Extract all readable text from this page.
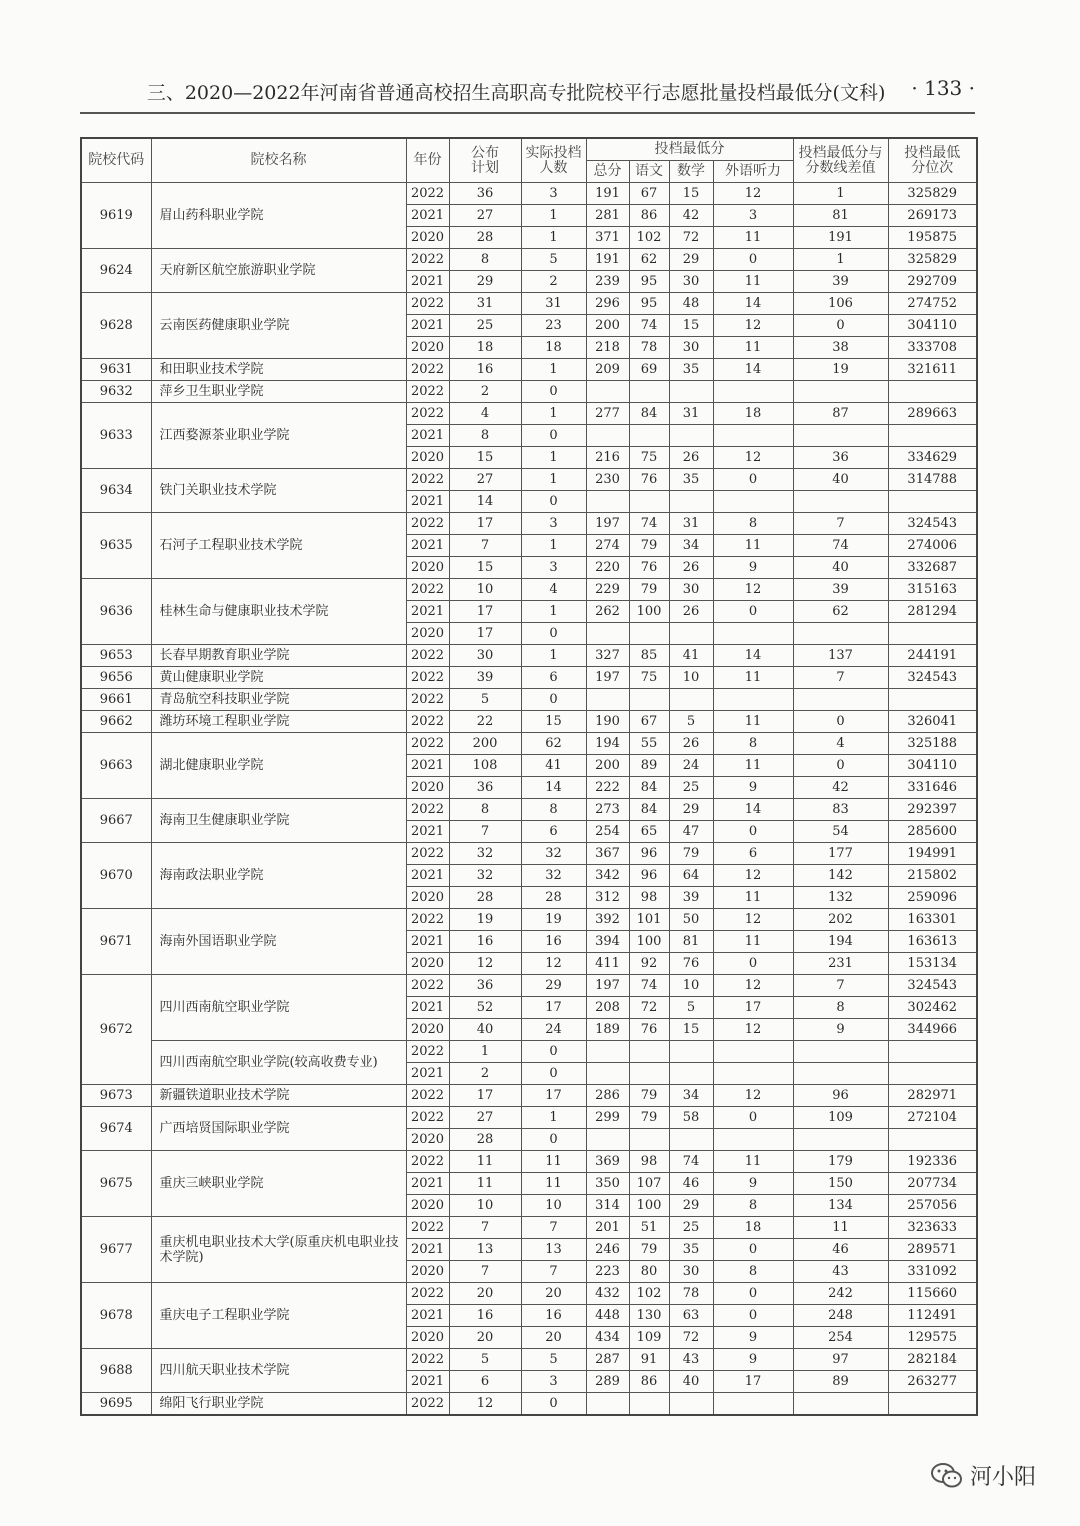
三、2020—2022年河南省普通高校招生高职高专批院校平行志愿批量投档最低分(文科) · 133 ·
院校代码	院校名称	年份	公布计划	实际投档人数	投档最低分				投档最低分与分数线差值	投档最低分位次
					总分	语文	数学	外语听力		
9619	眉山药科职业学院	2022	36	3	191	67	15	12	1	325829
		2021	27	1	281	86	42	3	81	269173
		2020	28	1	371	102	72	11	191	195875
9624	天府新区航空旅游职业学院	2022	8	5	191	62	29	0	1	325829
		2021	29	2	239	95	30	11	39	292709
9628	云南医药健康职业学院	2022	31	31	296	95	48	14	106	274752
		2021	25	23	200	74	15	12	0	304110
		2020	18	18	218	78	30	11	38	333708
9631	和田职业技术学院	2022	16	1	209	69	35	14	19	321611
9632	萍乡卫生职业学院	2022	2	0						
9633	江西婺源茶业职业学院	2022	4	1	277	84	31	18	87	289663
		2021	8	0						
		2020	15	1	216	75	26	12	36	334629
9634	铁门关职业技术学院	2022	27	1	230	76	35	0	40	314788
		2021	14	0						
9635	石河子工程职业技术学院	2022	17	3	197	74	31	8	7	324543
		2021	7	1	274	79	34	11	74	274006
		2020	15	3	220	76	26	9	40	332687
9636	桂林生命与健康职业技术学院	2022	10	4	229	79	30	12	39	315163
		2021	17	1	262	100	26	0	62	281294
		2020	17	0						
9653	长春早期教育职业学院	2022	30	1	327	85	41	14	137	244191
9656	黄山健康职业学院	2022	39	6	197	75	10	11	7	324543
9661	青岛航空科技职业学院	2022	5	0						
9662	潍坊环境工程职业学院	2022	22	15	190	67	5	11	0	326041
9663	湖北健康职业学院	2022	200	62	194	55	26	8	4	325188
		2021	108	41	200	89	24	11	0	304110
		2020	36	14	222	84	25	9	42	331646
9667	海南卫生健康职业学院	2022	8	8	273	84	29	14	83	292397
		2021	7	6	254	65	47	0	54	285600
9670	海南政法职业学院	2022	32	32	367	96	79	6	177	194991
		2021	32	32	342	96	64	12	142	215802
		2020	28	28	312	98	39	11	132	259096
9671	海南外国语职业学院	2022	19	19	392	101	50	12	202	163301
		2021	16	16	394	100	81	11	194	163613
		2020	12	12	411	92	76	0	231	153134
9672	四川西南航空职业学院	2022	36	29	197	74	10	12	7	324543
		2021	52	17	208	72	5	17	8	302462
		2020	40	24	189	76	15	12	9	344966
	四川西南航空职业学院(较高收费专业)	2022	1	0						
		2021	2	0						
9673	新疆铁道职业技术学院	2022	17	17	286	79	34	12	96	282971
9674	广西培贤国际职业学院	2022	27	1	299	79	58	0	109	272104
		2020	28	0						
9675	重庆三峡职业学院	2022	11	11	369	98	74	11	179	192336
		2021	11	11	350	107	46	9	150	207734
		2020	10	10	314	100	29	8	134	257056
9677	重庆机电职业技术大学(原重庆机电职业技术学院)	2022	7	7	201	51	25	18	11	323633
		2021	13	13	246	79	35	0	46	289571
		2020	7	7	223	80	30	8	43	331092
9678	重庆电子工程职业学院	2022	20	20	432	102	78	0	242	115660
		2021	16	16	448	130	63	0	248	112491
		2020	20	20	434	109	72	9	254	129575
9688	四川航天职业技术学院	2022	5	5	287	91	43	9	97	282184
		2021	6	3	289	86	40	17	89	263277
9695	绵阳飞行职业学院	2022	12	0						
河小阳
